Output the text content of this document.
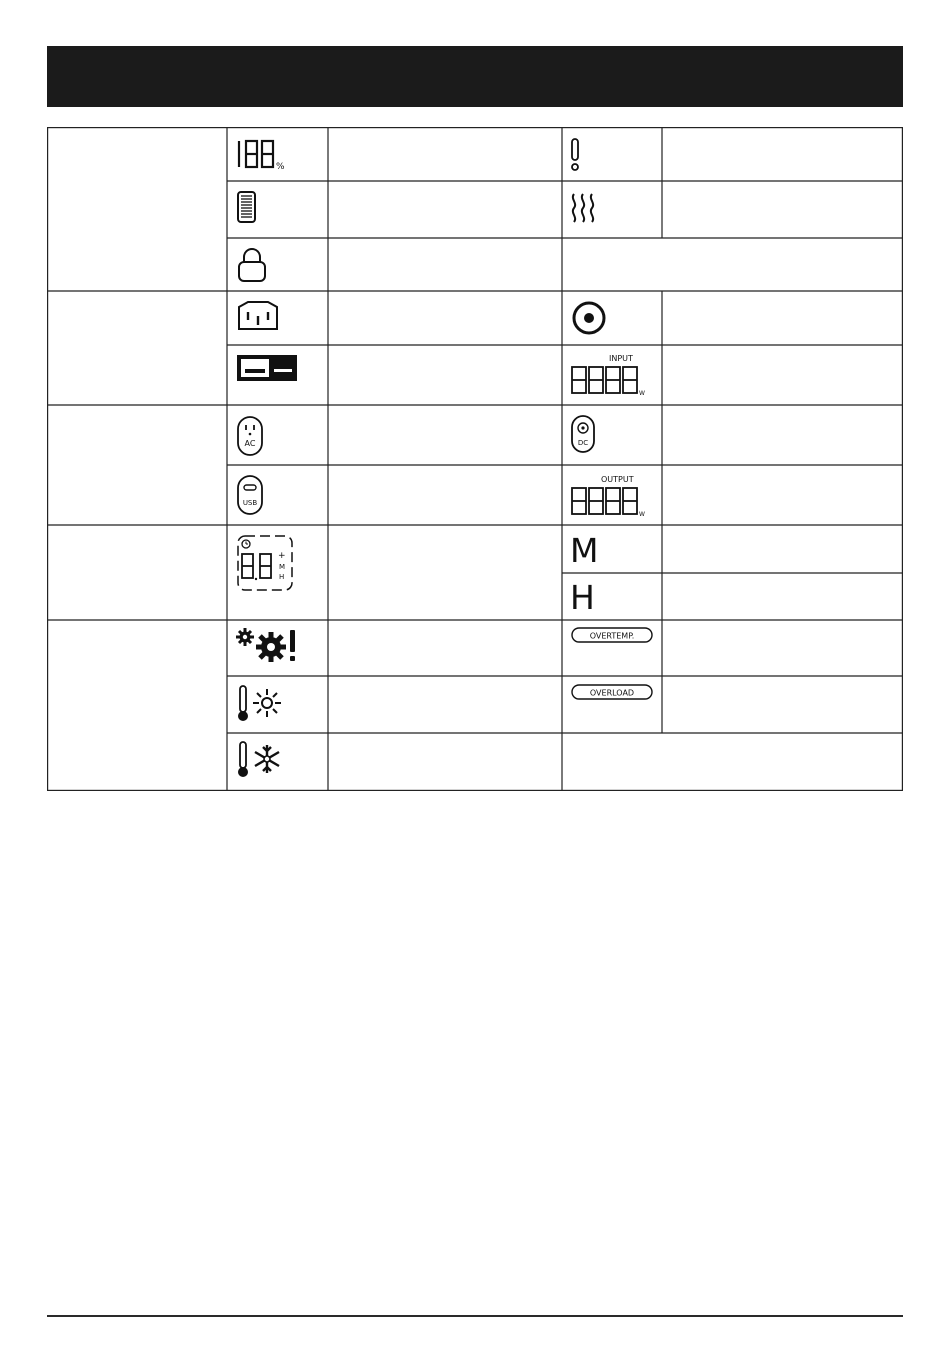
%
INPUT
W
AC
USB
DC
OUTPUT
W
+
M
H
M
H
OVERTEMP.
OVERLOAD
